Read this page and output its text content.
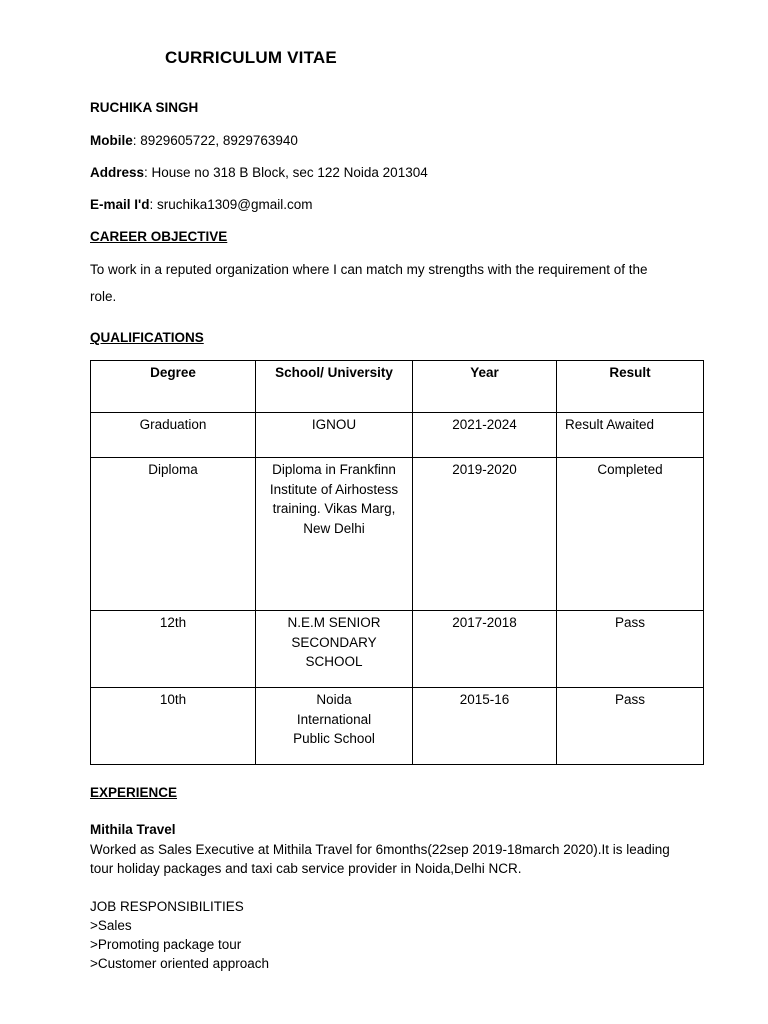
CURRICULUM VITAE
RUCHIKA SINGH
Mobile: 8929605722, 8929763940
Address: House no 318 B Block, sec 122 Noida 201304
E-mail I'd: sruchika1309@gmail.com
CAREER OBJECTIVE
To work in a reputed organization where I can match my strengths with the requirement of the role.
QUALIFICATIONS
Degree	School/ University	Year	Result
Graduation	IGNOU	2021-2024	Result Awaited
Diploma	Diploma in Frankfinn Institute of Airhostess training. Vikas Marg, New Delhi	2019-2020	Completed
12th	N.E.M SENIOR SECONDARY SCHOOL	2017-2018	Pass
10th	Noida International Public School	2015-16	Pass
EXPERIENCE
Mithila Travel
Worked as Sales Executive at Mithila Travel for 6months(22sep 2019-18march 2020).It is leading tour holiday packages and taxi cab service provider in Noida,Delhi NCR.
JOB RESPONSIBILITIES
>Sales
>Promoting package tour
>Customer oriented approach
